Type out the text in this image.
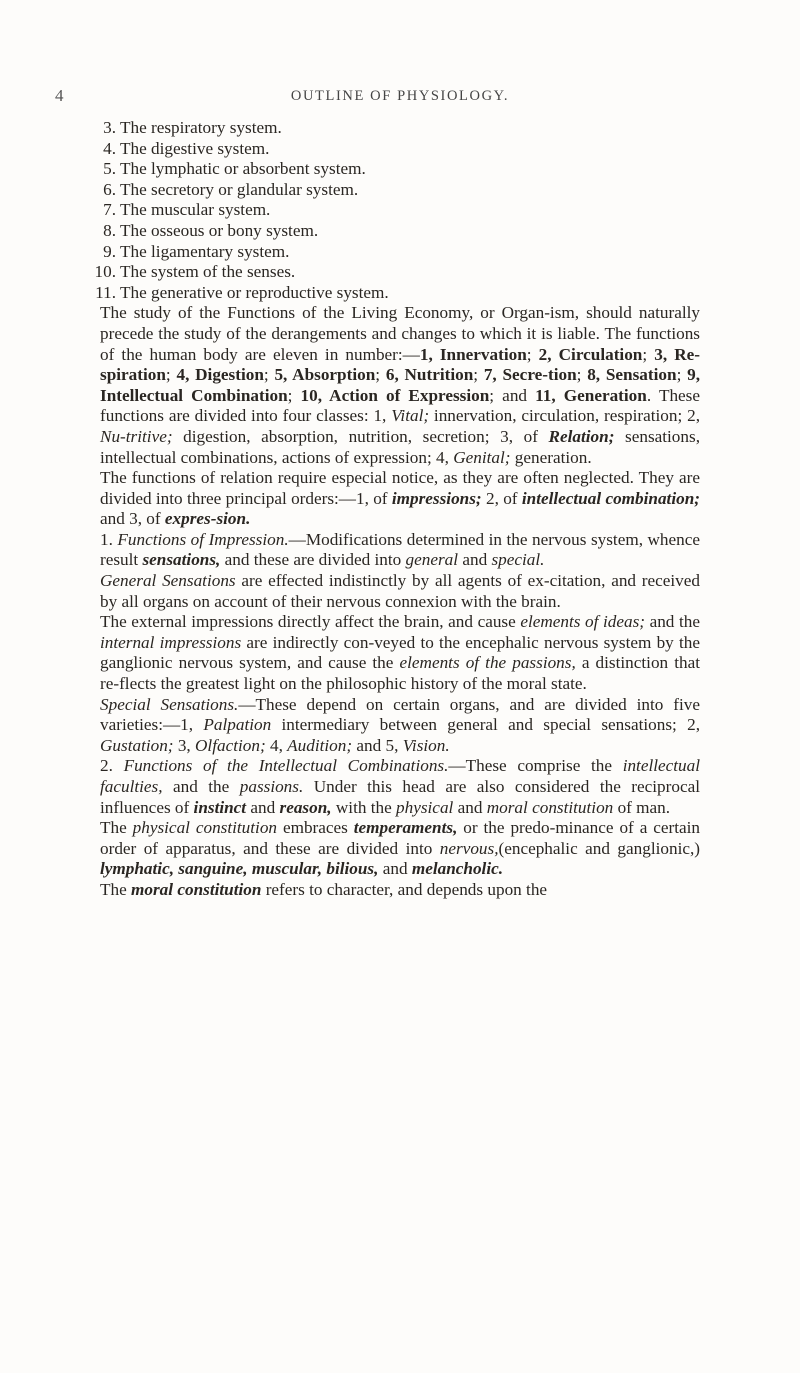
4	OUTLINE OF PHYSIOLOGY.
3. The respiratory system.
4. The digestive system.
5. The lymphatic or absorbent system.
6. The secretory or glandular system.
7. The muscular system.
8. The osseous or bony system.
9. The ligamentary system.
10. The system of the senses.
11. The generative or reproductive system.

The study of the Functions of the Living Economy, or Organ-ism, should naturally precede the study of the derangements and changes to which it is liable. The functions of the human body are eleven in number:—1, Innervation; 2, Circulation; 3, Re-spiration; 4, Digestion; 5, Absorption; 6, Nutrition; 7, Secre-tion; 8, Sensation; 9, Intellectual Combination; 10, Action of Expression; and 11, Generation. These functions are divided into four classes: 1, Vital; innervation, circulation, respiration; 2, Nu-tritive; digestion, absorption, nutrition, secretion; 3, of Relation; sensations, intellectual combinations, actions of expression; 4, Genital; generation.

The functions of relation require especial notice, as they are often neglected. They are divided into three principal orders:—1, of impressions; 2, of intellectual combination; and 3, of expres-sion.

1. Functions of Impression.—Modifications determined in the nervous system, whence result sensations, and these are divided into general and special.

General Sensations are effected indistinctly by all agents of ex-citation, and received by all organs on account of their nervous connexion with the brain.

The external impressions directly affect the brain, and cause elements of ideas; and the internal impressions are indirectly con-veyed to the encephalic nervous system by the ganglionic nervous system, and cause the elements of the passions, a distinction that re-flects the greatest light on the philosophic history of the moral state.

Special Sensations.—These depend on certain organs, and are divided into five varieties:—1, Palpation intermediary between general and special sensations; 2, Gustation; 3, Olfaction; 4, Audition; and 5, Vision.

2. Functions of the Intellectual Combinations.—These comprise the intellectual faculties, and the passions. Under this head are also considered the reciprocal influences of instinct and reason, with the physical and moral constitution of man.

The physical constitution embraces temperaments, or the predo-minance of a certain order of apparatus, and these are divided into nervous,(encephalic and ganglionic,) lymphatic, sanguine, muscular, bilious, and melancholic.

The moral constitution refers to character, and depends upon the
